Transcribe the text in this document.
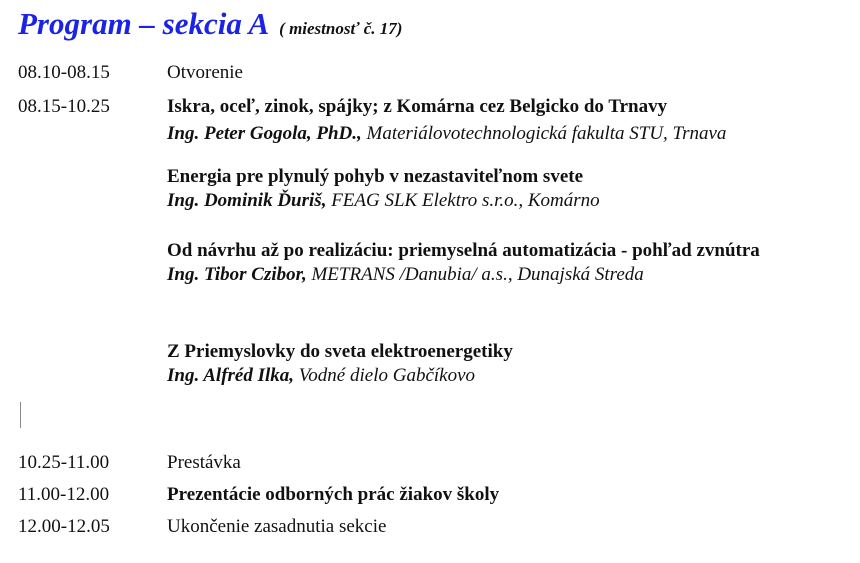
Program – sekcia A ( miestnosť č. 17)
08.10-08.15	Otvorenie
08.15-10.25	Iskra, oceľ, zinok, spájky; z Komárna cez Belgicko do Trnavy
Ing. Peter Gogola, PhD., Materiálovotechnologická fakulta STU, Trnava
Energia pre plynulý pohyb v nezastaviteľnom svete
Ing. Dominik Ďuriš, FEAG SLK Elektro s.r.o., Komárno
Od návrhu až po realizáciu: priemyselná automatizácia - pohľad zvnútra
Ing. Tibor Czibor, METRANS /Danubia/ a.s., Dunajská Streda
Z Priemyslovky do sveta elektroenergetiky
Ing. Alfréd Ilka, Vodné dielo Gabčíkovo
10.25-11.00	Prestávka
11.00-12.00	Prezentácie odborných prác žiakov školy
12.00-12.05	Ukončenie zasadnutia sekcie
